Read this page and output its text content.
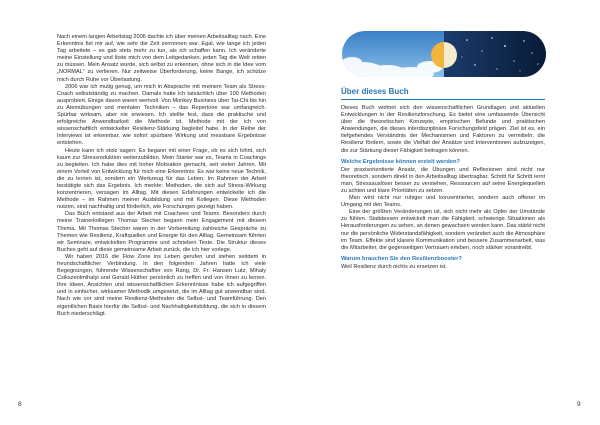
Nach einem langen Arbeitstag 2006 dachte ich über meinen Arbeitsalltag nach. Eine Erkenntnis fiel mir auf, wie sehr die Zeit zerronnen war. Egal, wie lange ich jeden Tag arbeitete – es gab stets mehr zu tun, als ich schaffen kann. Ich veränderte meine Einstellung und löste mich von dem Leitgedanken, jeden Tag die Welt retten zu müssen. Mein Ansatz wurde, sich selbst zu erkennen, ohne sich in die Idee vom „NORMAL“ zu verlieren. Nur zeitweise Überforderung, keine Bange, ich schütze mich durch Ruhe vor Überlastung.

2006 war ich mutig genug, um mich in Absprache mit meinem Team als Stress-Coach selbstständig zu machen. Damals hatte ich tatsächlich über 100 Methoden ausprobiert. Einige davon waren wertvoll. Von Monkey Business über Tai-Chi bis hin zu Atemübungen und mentalen Techniken – das Repertoire war umfangreich. Spürbar wirksam, aber nie erwiesen. Ich stellte fest, dass die praktische und erfolgreiche Anwendbarkeit die Methode ist. Methode mit der ich von wissenschaftlich entwickelter Resilienz-Stärkung begleitet habe. In der Reihe der Interviews ist erkennbar, wie sofort spürbare Wirkung und messbare Ergebnisse entstehen.

Heute kann ich stolz sagen: Es begann mit einer Frage, ob es sich lohnt, sich kaum zur Stressreduktion weiterzubilden. Mein Starter war es, Teams in Coachings zu begleiten. Ich habe dies mit hoher Motivation gemacht, seit vielen Jahren. Mit einem Vorteil von Entwicklung für mich eine Erkenntnis: Es war keine neue Technik, die zu lernen ist, sondern ein Werkzeug für das Leben. Im Rahmen der Arbeit bestätigte sich das Ergebnis. Ich merkte: Methoden, die sich auf Stress-Wirkung konzentrieren, versagen im Alltag. Mit diesen Erfahrungen entwickelte ich die Methode – im Rahmen meiner Ausbildung und mit Kollegen. Diese Methoden nutzen, sind nachhaltig und förderlich, wie Forschungen gezeigt haben.

Das Buch entstand aus der Arbeit mit Coachees und Teams. Besonders durch meine Trainerkollegen Thomas Stecher begann mein Engagement mit diesem Thema. Mit Thomas Stecher waren in der Vorbereitung zahlreiche Gespräche zu Themen wie Resilienz, Kraftquellen und Energie für den Alltag. Gemeinsam führten wir Seminare, entwickelten Programme und schrieben Texte. Die Struktur dieses Buches geht auf diese gemeinsame Arbeit zurück, die ich hier vorlege.

Wir haben 2016 die Flow Zone ins Leben gerufen und stehen seitdem in freundschaftlicher Verbindung. In den folgenden Jahren hatte ich viele Begegnungen, führende Wissenschaftler von Rang, Dr. Fr. Hansen Lutz, Mihaly Csikszentmihalyi und Gerald Hüther persönlich zu treffen und von ihnen zu lernen. Ihre Ideen, Ansichten und wissenschaftlichen Erkenntnisse habe ich aufgegriffen und in einfacher, wirksamer Methodik umgesetzt, die im Alltag gut anwendbar sind. Nach wie vor sind meine Resilienz-Methoden die Selbst- und Teamführung. Den eigentlichen Basis hierfür die Selbst- und Nachhaltigkeitsbildung, die sich in diesem Buch niederschlägt.

8
Über dieses Buch

Dieses Buch widmet sich den wissenschaftlichen Grundlagen und aktuellen Entwicklungen in der Resilienzforschung. Es bietet eine umfassende Übersicht über die theoretischen Konzepte, empirischen Befunde und praktischen Anwendungen, die dieses interdisziplinäre Forschungsfeld prägen. Ziel ist es, ein tiefgehendes Verständnis der Mechanismen und Faktoren zu vermitteln, die Resilienz fördern, sowie die Vielfalt der Ansätze und Interventionen aufzuzeigen, die zur Stärkung dieser Fähigkeit beitragen können.

Welche Ergebnisse können erzielt werden?

Der praxisorientierte Ansatz, die Übungen und Reflexionen sind nicht nur theoretisch, sondern direkt in den Arbeitsalltag übertragbar. Schritt für Schritt lernt man, Stressauslöser besser zu verstehen, Ressourcen auf seine Energiequellen zu achten und klare Prioritäten zu setzen.

Man wird nicht nur ruhiger und konzentrierter, sondern auch offener im Umgang mit den Teams.

Eine der größten Veränderungen ist, sich nicht mehr als Opfer der Umstände zu fühlen. Stattdessen entwickelt man die Fähigkeit, schwierige Situationen als Herausforderungen zu sehen, an denen gewachsen werden kann. Das stärkt nicht nur die persönliche Widerstandsfähigkeit, sondern verändert auch die Atmosphäre im Team. Effekte sind klarere Kommunikation und bessere Zusammenarbeit, was die Mitarbeiter, die gegenseitigen Vertrauen erleben, noch stärker vorantreibt.

Warum brauchen Sie den Resilienzbooster?

Weil Resilienz durch nichts zu ersetzen ist.

9
